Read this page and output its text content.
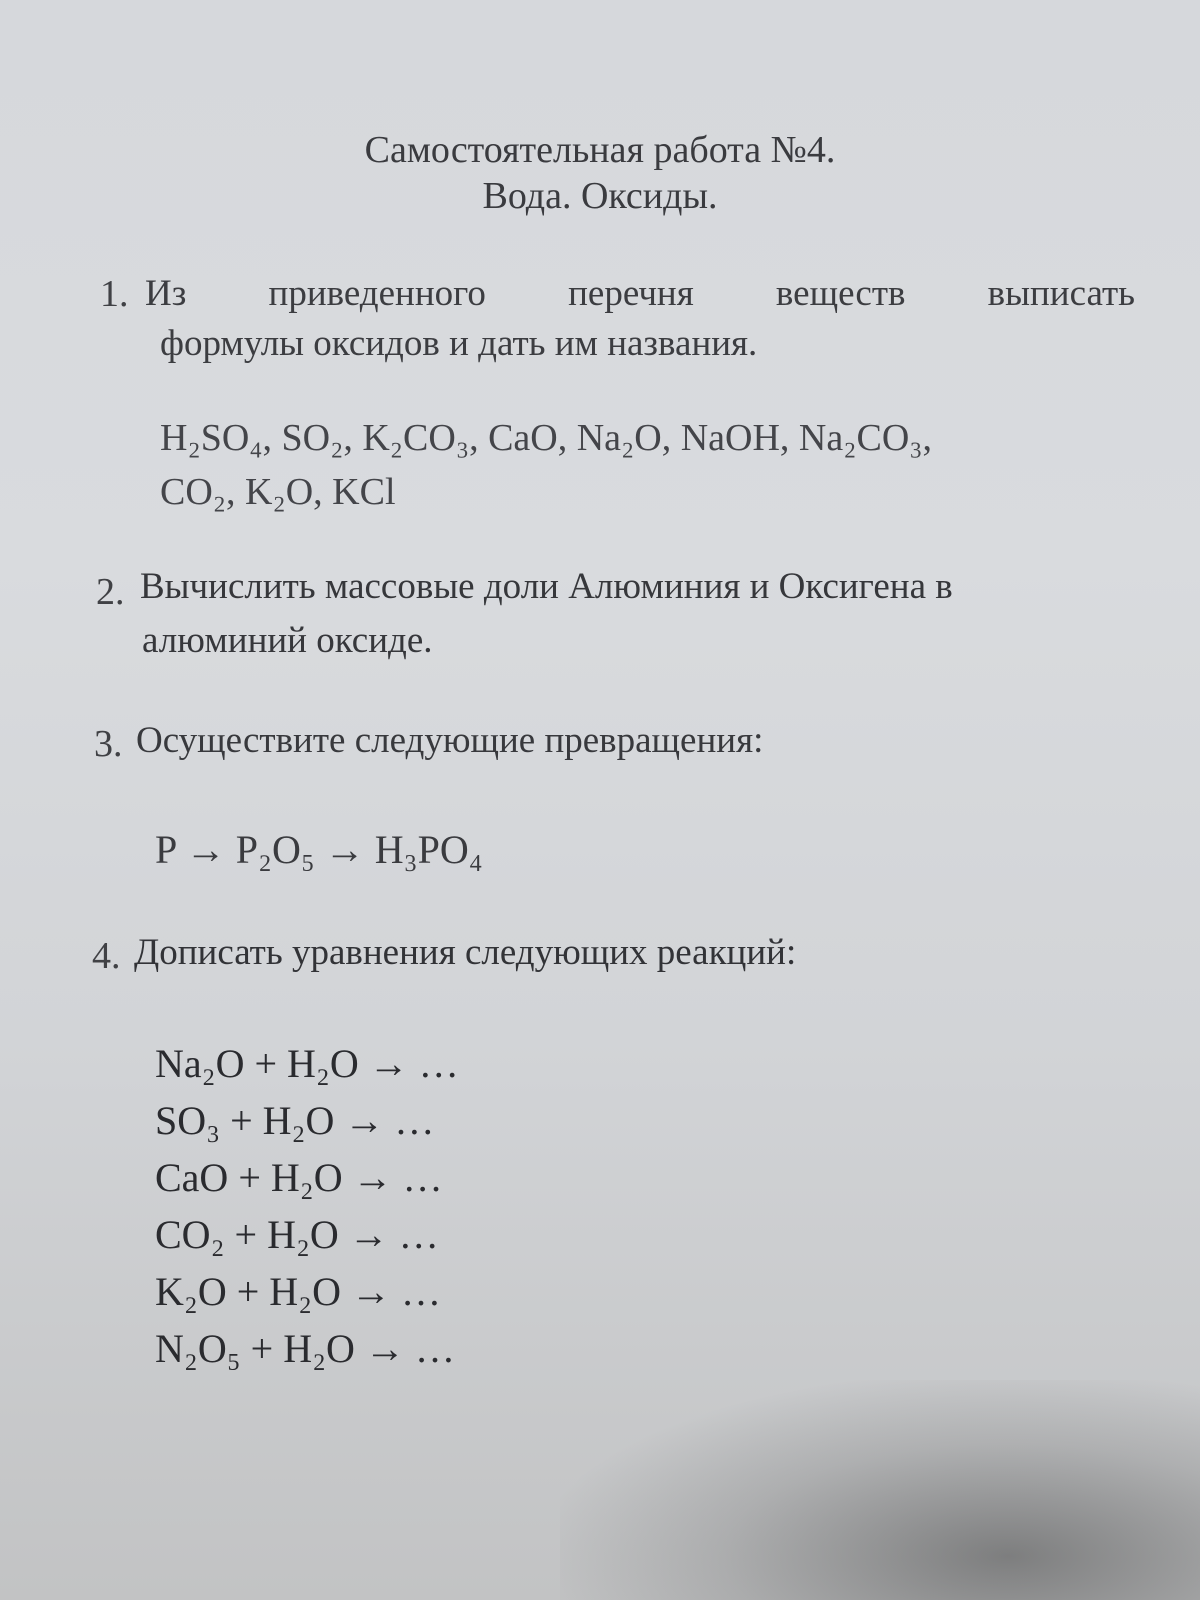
Самостоятельная работа №4.
Вода. Оксиды.
1. Из приведенного перечня веществ выписать
формулы оксидов и дать им названия.
H₂SO₄, SO₂, K₂CO₃, CaO, Na₂O, NaOH, Na₂CO₃,
CO₂, K₂O, KCl
2. Вычислить массовые доли Алюминия и Оксигена в
алюминий оксиде.
3. Осуществите следующие превращения:
P → P₂O₅ → H₃PO₄
4. Дописать уравнения следующих реакций:
Na₂O + H₂O → …
SO₃ + H₂O → …
CaO + H₂O → …
CO₂ + H₂O → …
K₂O + H₂O → …
N₂O₅ + H₂O → …
